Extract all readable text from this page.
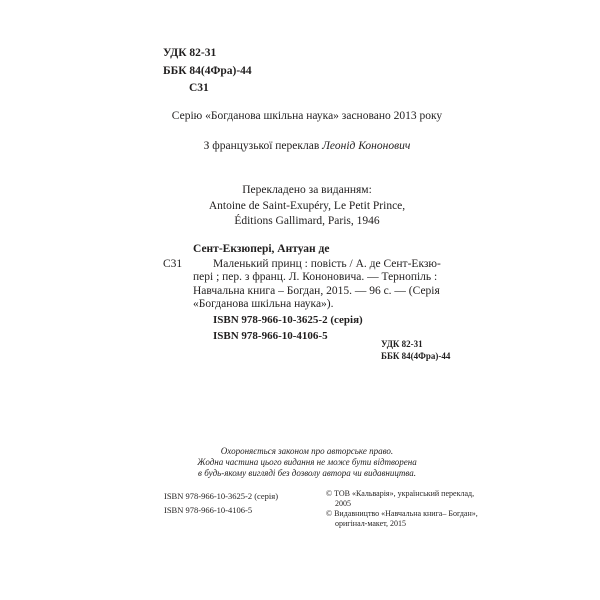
УДК 82-31
ББК 84(4Фра)-44
С31
Серію «Богданова шкільна наука» засновано 2013 року
З французької переклав Леонід Кононович
Перекладено за виданням:
Antoine de Saint-Exupéry, Le Petit Prince,
Éditions Gallimard, Paris, 1946
Сент-Екзюпері, Антуан де
С31	Маленький принц : повість / А. де Сент-Екзю-
пері ; пер. з франц. Л. Кононовича. — Тернопіль :
Навчальна книга – Богдан, 2015. — 96 с. — (Серія
«Богданова шкільна наука»).
ISBN 978-966-10-3625-2 (серія)
ISBN 978-966-10-4106-5
УДК 82-31
ББК 84(4Фра)-44
Охороняється законом про авторське право.
Жодна частина цього видання не може бути відтворена
в будь-якому вигляді без дозволу автора чи видавництва.
ISBN 978-966-10-3625-2 (серія)
ISBN 978-966-10-4106-5
© ТОВ «Кальварія», український переклад, 2005
© Видавництво «Навчальна книга– Богдан», оригінал-макет, 2015
